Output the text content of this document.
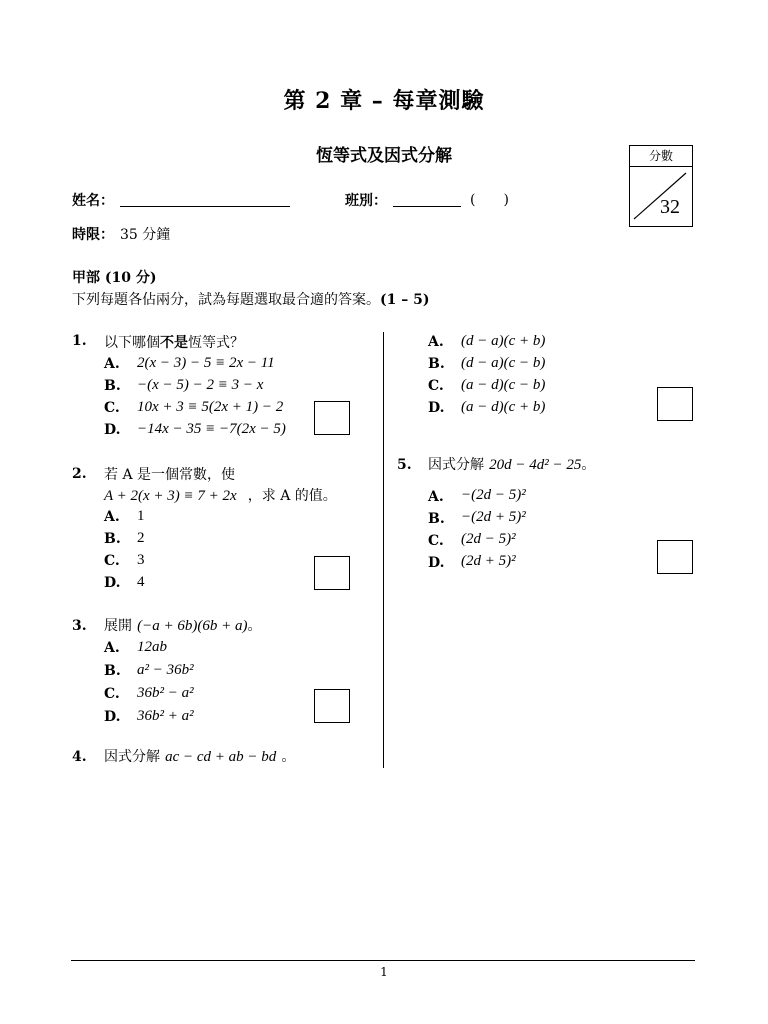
第 2 章 – 每章測驗
恆等式及因式分解	分數
32
姓名：	班別：	(　　)
時限： 35 分鐘
甲部 (10 分)
下列每題各佔兩分，試為每題選取最合適的答案。(1 – 5)
1. 以下哪個不是恆等式？
A. 2(x − 3) − 5 ≡ 2x − 11
B. −(x − 5) − 2 ≡ 3 − x
C. 10x + 3 ≡ 5(2x + 1) − 2
D. −14x − 35 ≡ −7(2x − 5)
2. 若 A 是一個常數，使
A + 2(x + 3) ≡ 7 + 2x ，求 A 的值。
A. 1
B. 2
C. 3
D. 4
3. 展開 (−a + 6b)(6b + a)。
A. 12ab
B. a² − 36b²
C. 36b² − a²
D. 36b² + a²
4. 因式分解 ac − cd + ab − bd 。
A. (d − a)(c + b)
B. (d − a)(c − b)
C. (a − d)(c − b)
D. (a − d)(c + b)
5. 因式分解 20d − 4d² − 25。
A. −(2d − 5)²
B. −(2d + 5)²
C. (2d − 5)²
D. (2d + 5)²
1
